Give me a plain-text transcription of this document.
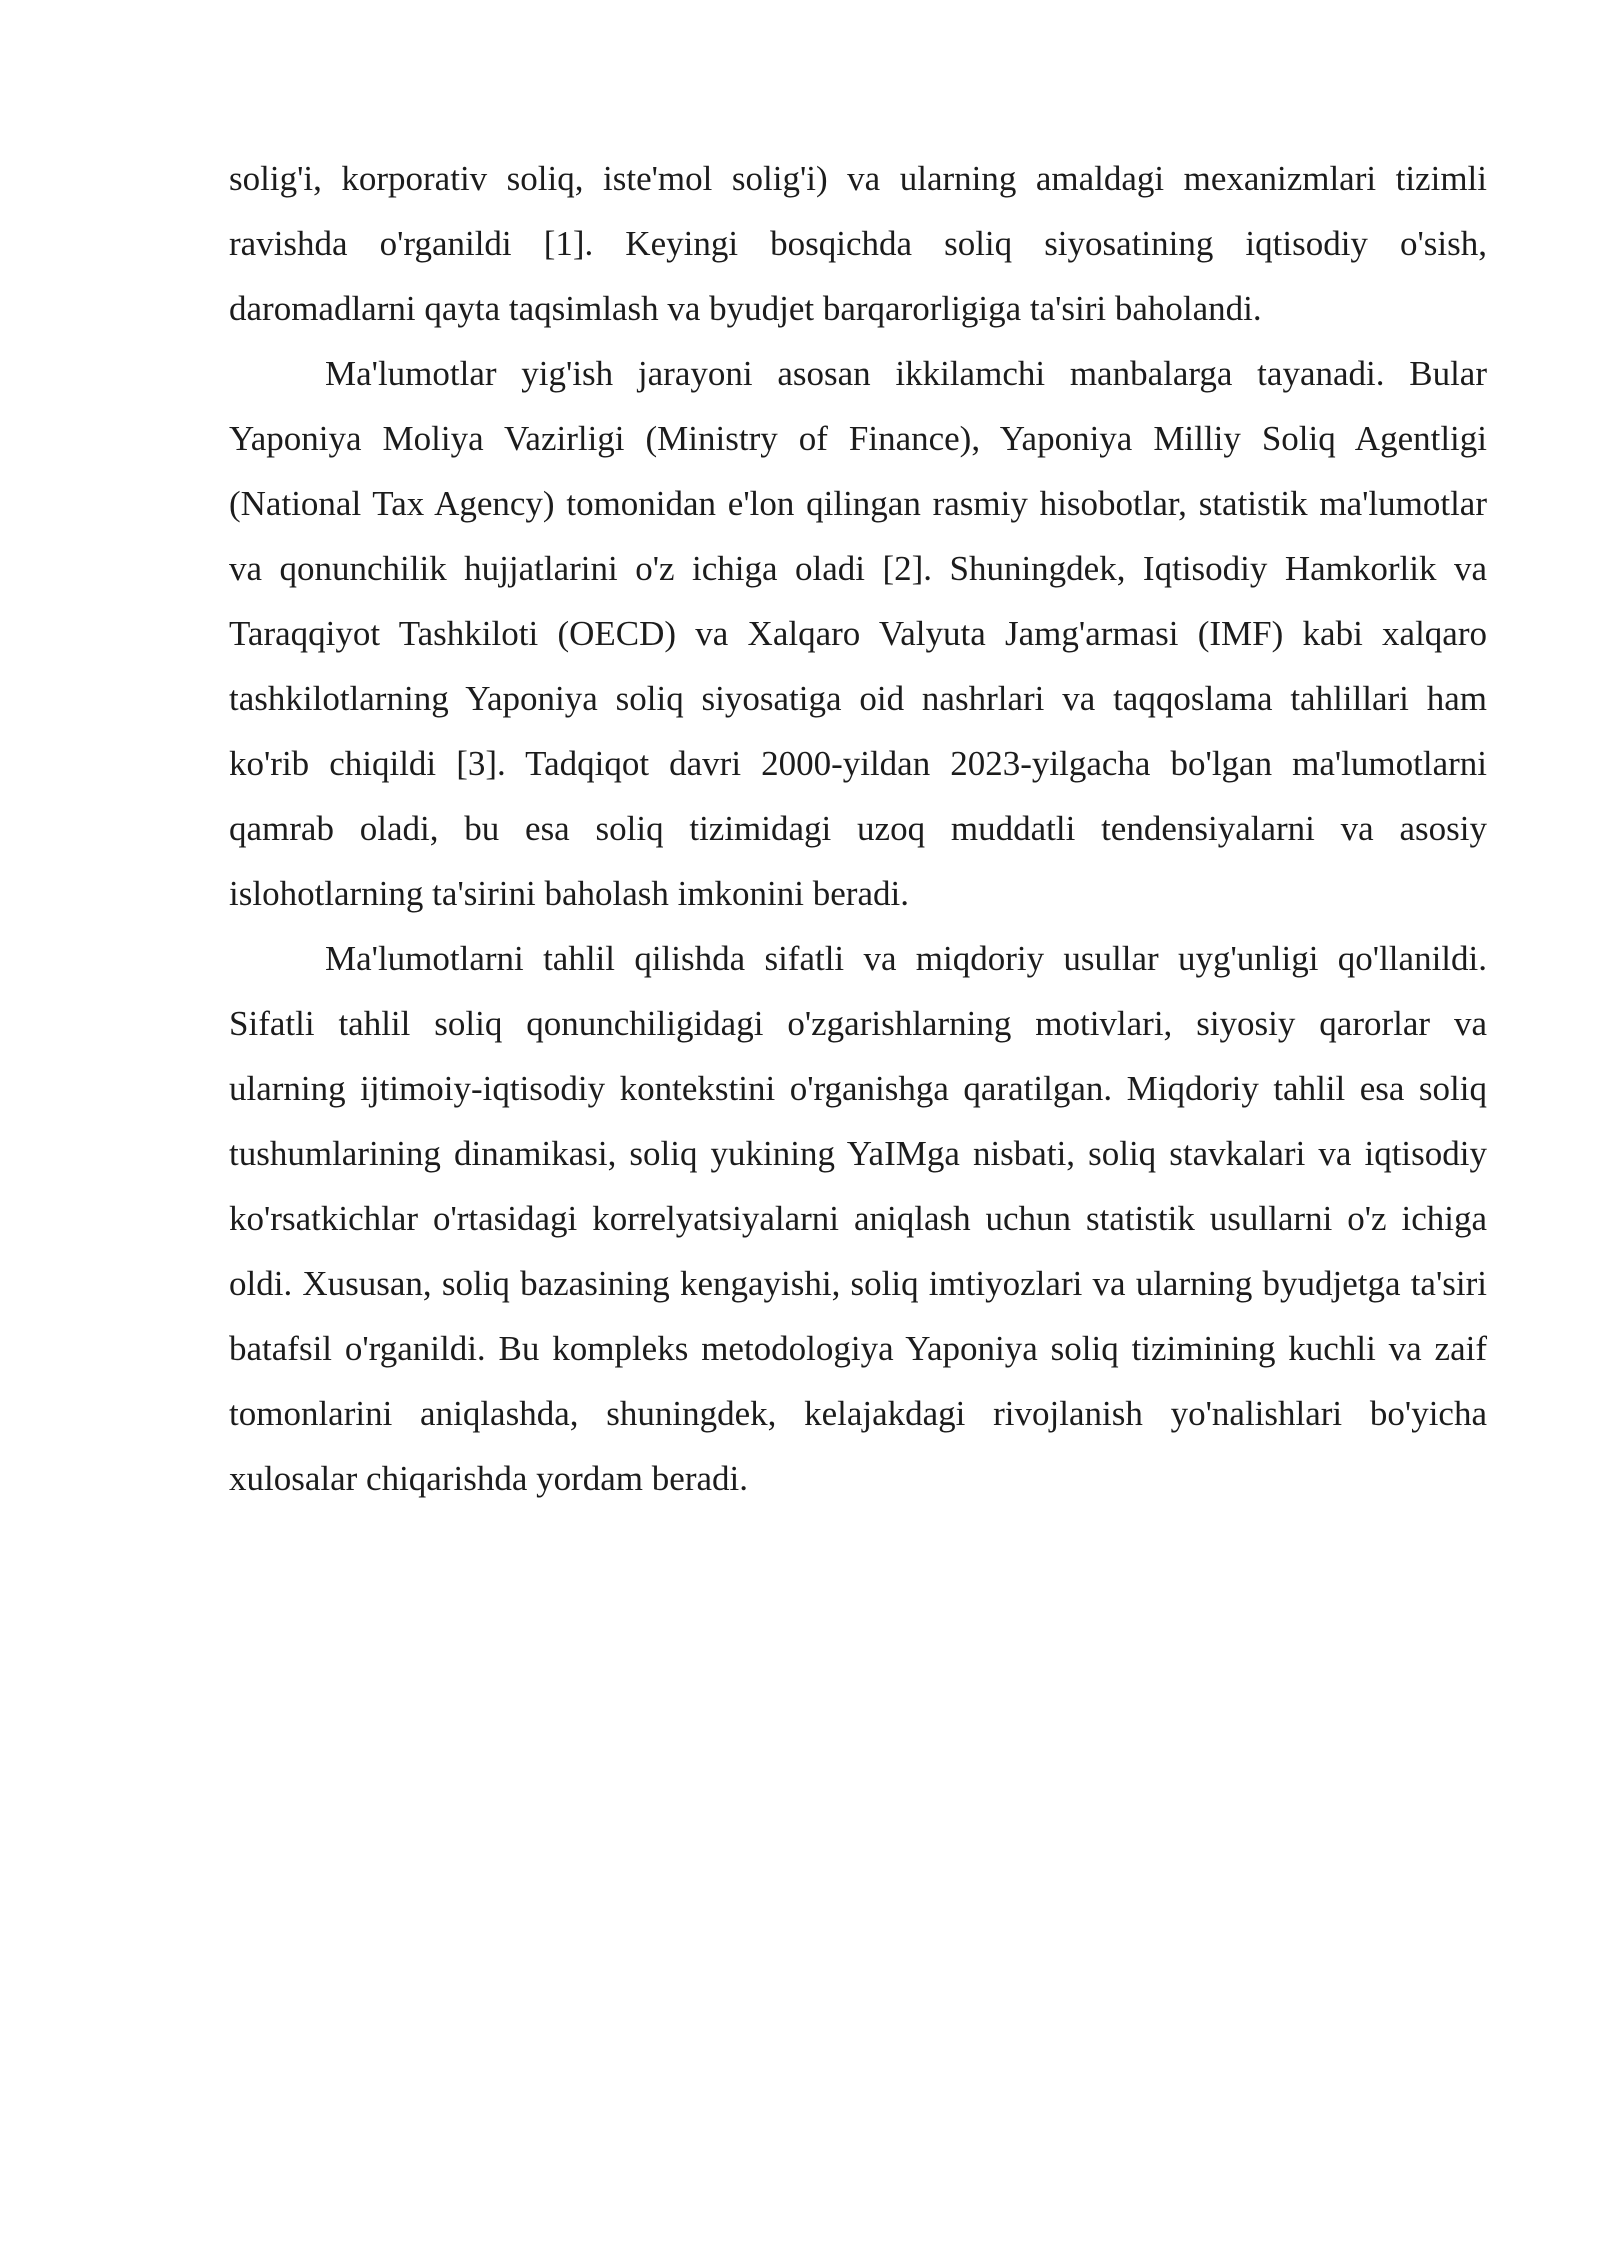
solig'i, korporativ soliq, iste'mol solig'i) va ularning amaldagi mexanizmlari tizimli ravishda o'rganildi [1]. Keyingi bosqichda soliq siyosatining iqtisodiy o'sish, daromadlarni qayta taqsimlash va byudjet barqarorligiga ta'siri baholandi.

Ma'lumotlar yig'ish jarayoni asosan ikkilamchi manbalarga tayanadi. Bular Yaponiya Moliya Vazirligi (Ministry of Finance), Yaponiya Milliy Soliq Agentligi (National Tax Agency) tomonidan e'lon qilingan rasmiy hisobotlar, statistik ma'lumotlar va qonunchilik hujjatlarini o'z ichiga oladi [2]. Shuningdek, Iqtisodiy Hamkorlik va Taraqqiyot Tashkiloti (OECD) va Xalqaro Valyuta Jamg'armasi (IMF) kabi xalqaro tashkilotlarning Yaponiya soliq siyosatiga oid nashrlari va taqqoslama tahlillari ham ko'rib chiqildi [3]. Tadqiqot davri 2000-yildan 2023-yilgacha bo'lgan ma'lumotlarni qamrab oladi, bu esa soliq tizimidagi uzoq muddatli tendensiyalarni va asosiy islohotlarning ta'sirini baholash imkonini beradi.

Ma'lumotlarni tahlil qilishda sifatli va miqdoriy usullar uyg'unligi qo'llanildi. Sifatli tahlil soliq qonunchiligidagi o'zgarishlarning motivlari, siyosiy qarorlar va ularning ijtimoiy-iqtisodiy kontekstini o'rganishga qaratilgan. Miqdoriy tahlil esa soliq tushumlarining dinamikasi, soliq yukining YaIMga nisbati, soliq stavkalari va iqtisodiy ko'rsatkichlar o'rtasidagi korrelyatsiyalarni aniqlash uchun statistik usullarni o'z ichiga oldi. Xususan, soliq bazasining kengayishi, soliq imtiyozlari va ularning byudjetga ta'siri batafsil o'rganildi. Bu kompleks metodologiya Yaponiya soliq tizimining kuchli va zaif tomonlarini aniqlashda, shuningdek, kelajakdagi rivojlanish yo'nalishlari bo'yicha xulosalar chiqarishda yordam beradi.
